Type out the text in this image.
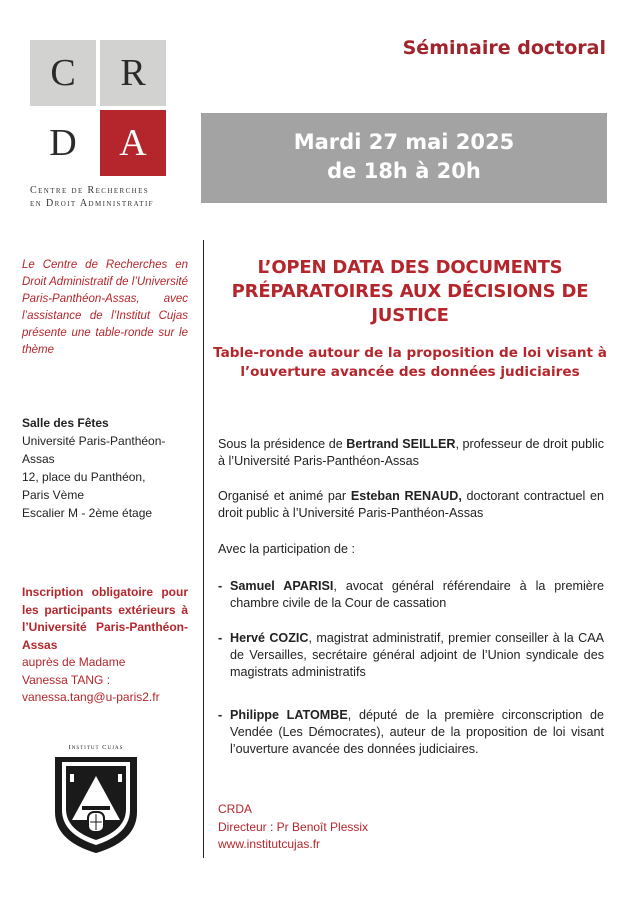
C	R
D	A
Centre de Recherches
en Droit Administratif
Séminaire doctoral
Mardi 27 mai 2025
de 18h à 20h
Le Centre de Recherches en Droit Administratif de l’Université Paris-Panthéon-Assas, avec l’assistance de l’Institut Cujas présente une table-ronde sur le thème
Salle des Fêtes
Université Paris-Panthéon-Assas
12, place du Panthéon,
Paris Vème
Escalier M - 2ème étage
Inscription obligatoire pour les participants extérieurs à l’Université Paris-Panthéon-Assas
auprès de Madame
Vanessa TANG :
vanessa.tang@u-paris2.fr
Institut Cujas
L’OPEN DATA DES DOCUMENTS PRÉPARATOIRES AUX DÉCISIONS DE JUSTICE
Table-ronde autour de la proposition de loi visant à l’ouverture avancée des données judiciaires
Sous la présidence de Bertrand SEILLER, professeur de droit public à l’Université Paris-Panthéon-Assas
Organisé et animé par Esteban RENAUD, doctorant contractuel en droit public à l’Université Paris-Panthéon-Assas
Avec la participation de :
- Samuel APARISI, avocat général référendaire à la première chambre civile de la Cour de cassation
- Hervé COZIC, magistrat administratif, premier conseiller à la CAA de Versailles, secrétaire général adjoint de l’Union syndicale des magistrats administratifs
- Philippe LATOMBE, député de la première circonscription de Vendée (Les Démocrates), auteur de la proposition de loi visant l’ouverture avancée des données judiciaires.
CRDA
Directeur : Pr Benoît Plessix
www.institutcujas.fr
